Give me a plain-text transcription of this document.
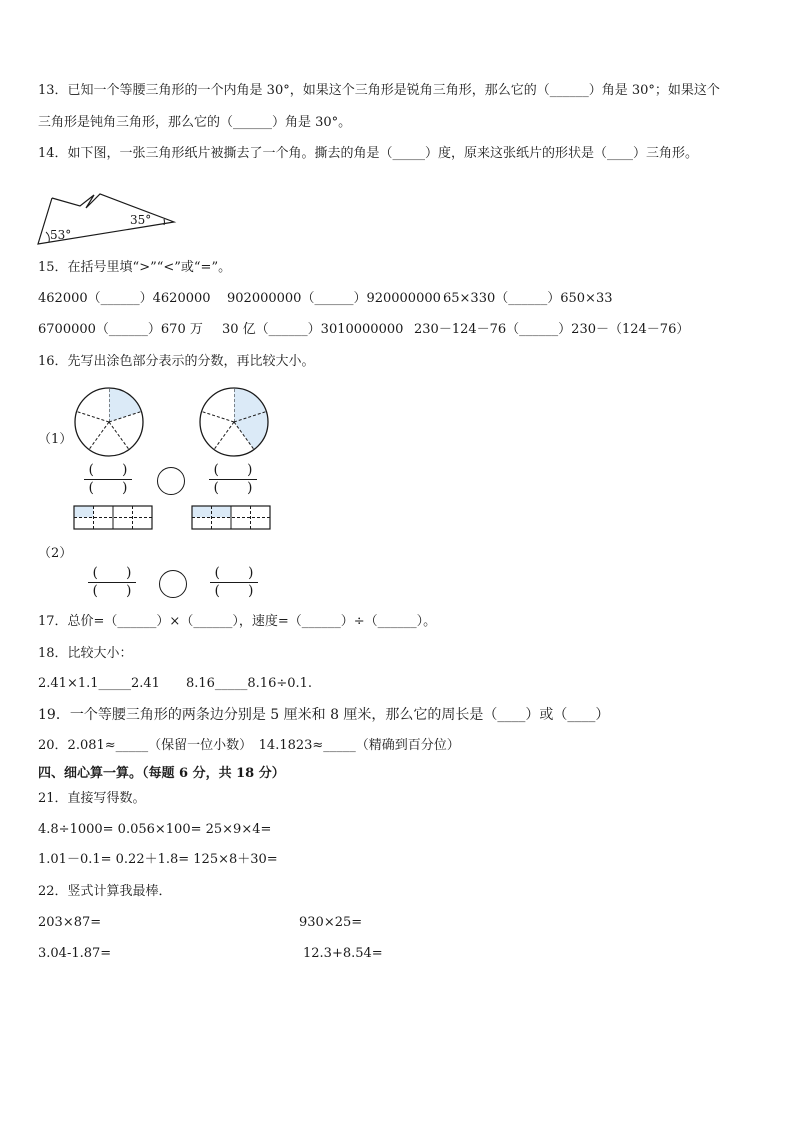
13．已知一个等腰三角形的一个内角是 30°，如果这个三角形是锐角三角形，那么它的（______）角是 30°；如果这个
三角形是钝角三角形，那么它的（______）角是 30°。
14．如下图，一张三角形纸片被撕去了一个角。撕去的角是（_____）度，原来这张纸片的形状是（____）三角形。
53°
35°
15．在括号里填“>”“<”或“=”。
462000（______）4620000 902000000（______）920000000 65×330（______）650×33
6700000（______）670 万 30 亿（______）3010000000 230－124－76（______）230－（124－76）
16．先写出涂色部分表示的分数，再比较大小。
（1）
（2）
(　　)
(　　)
(　　)
(　　)
(　　)
(　　)
(　　)
(　　)
17．总价=（______）×（______），速度=（______）÷（______）。
18．比较大小：
2.41×1.1_____2.41　　8.16_____8.16÷0.1.
19．一个等腰三角形的两条边分别是 5 厘米和 8 厘米，那么它的周长是（____）或（____）
20．2.081≈_____（保留一位小数）　14.1823≈_____（精确到百分位）
四、细心算一算。（每题 6 分，共 18 分）
21．直接写得数。
4.8÷1000= 0.056×100= 25×9×4=
1.01－0.1= 0.22＋1.8= 125×8＋30=
22．竖式计算我最棒．
203×87=	930×25=
3.04-1.87=	12.3+8.54=
